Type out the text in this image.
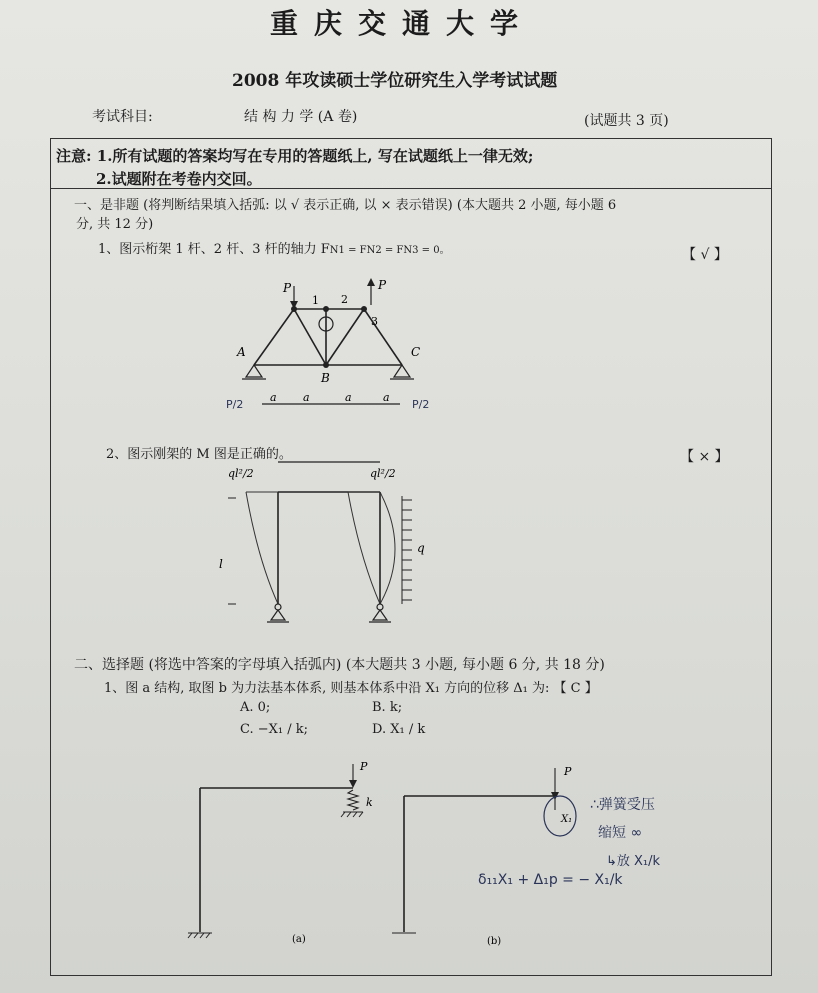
重庆交通大学
2008 年攻读硕士学位研究生入学考试试题
考试科目:	结 构 力 学 (A 卷)	(试题共 3 页)
注意: 1.所有试题的答案均写在专用的答题纸上, 写在试题纸上一律无效;
2.试题附在考卷内交回。
一、是非题 (将判断结果填入括弧: 以 √ 表示正确, 以 × 表示错误) (本大题共 2 小题, 每小题 6
分, 共 12 分)
1、图示桁架 1 杆、2 杆、3 杆的轴力 FN1 = FN2 = FN3 = 0。	【 √ 】
P	P
A
B
C
1 2
3
a a	a	a
P/2	P/2
2、图示刚架的 M 图是正确的。	【 × 】
ql²/2	ql²/2
l
q
二、选择题 (将选中答案的字母填入括弧内) (本大题共 3 小题, 每小题 6 分, 共 18 分)
1、图 a 结构, 取图 b 为力法基本体系, 则基本体系中沿 X₁ 方向的位移 Δ₁ 为: 【 C 】
A. 0;	B. k;
C. −X₁ / k;	D. X₁ / k
P
k
P
X₁
(a)	(b)
∴弹簧受压
缩短 ∞
↳放 X₁/k
δ₁₁X₁ + Δ₁p = − X₁/k
